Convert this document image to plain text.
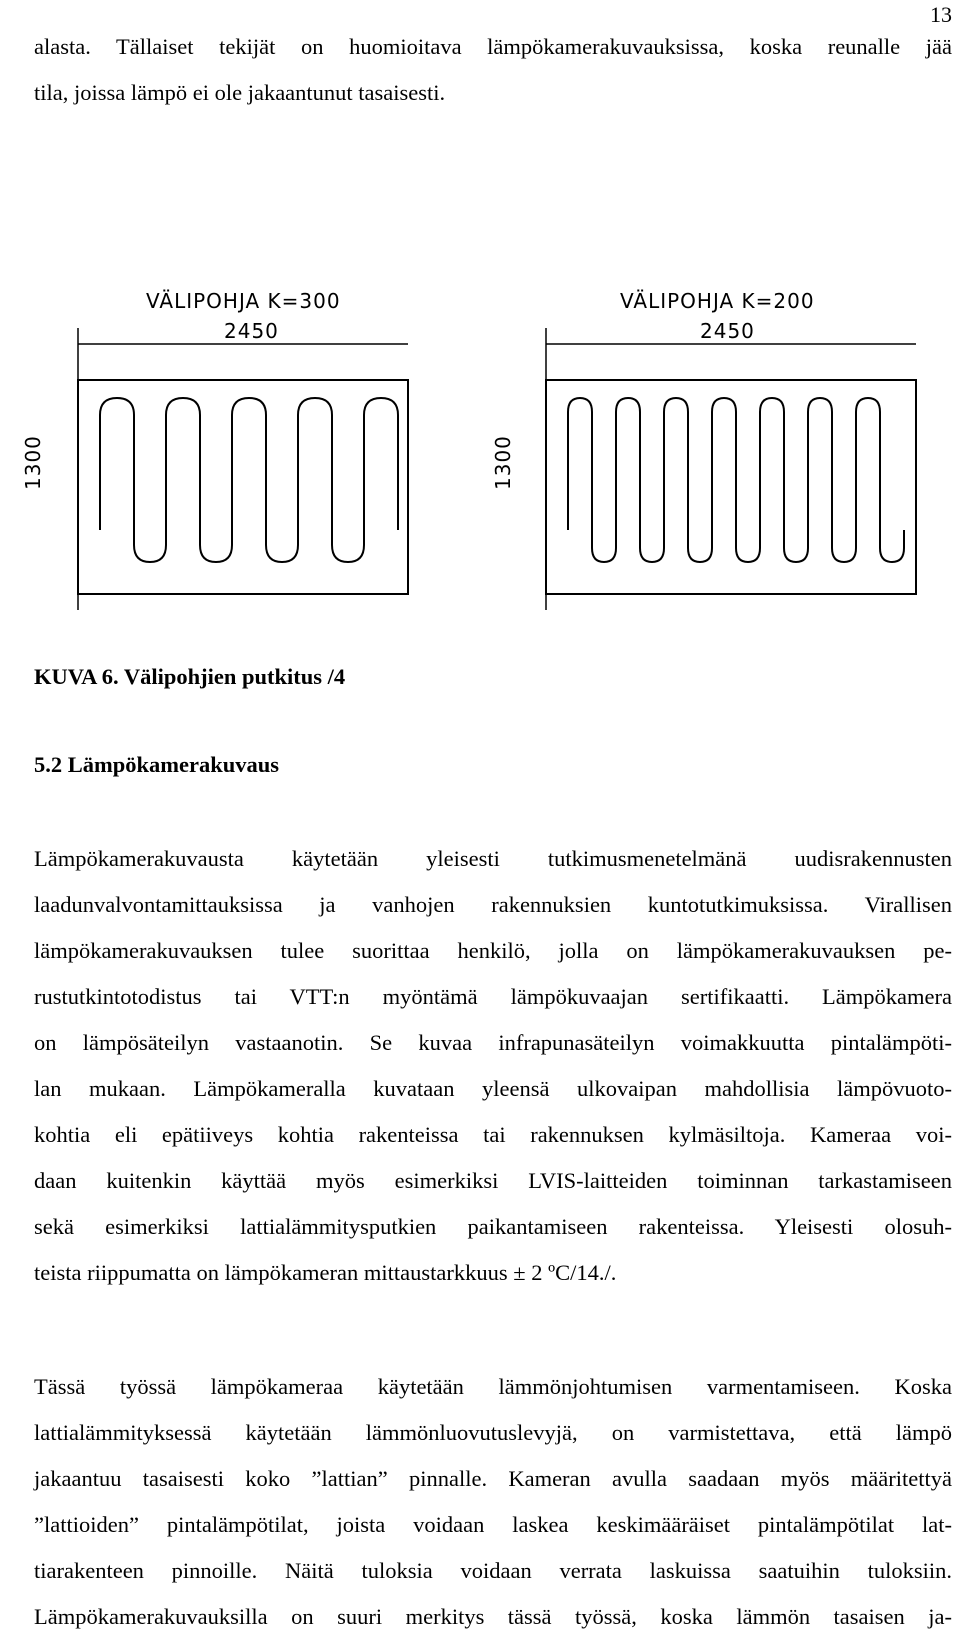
13
alasta. Tällaiset tekijät on huomioitava lämpökamerakuvauksissa, koska reunalle jää
tila, joissa lämpö ei ole jakaantunut tasaisesti.
VÄLIPOHJA K=300
2450
1300
VÄLIPOHJA K=200
2450
1300
KUVA 6. Välipohjien putkitus /4
5.2 Lämpökamerakuvaus
Lämpökamerakuvausta käytetään yleisesti tutkimusmenetelmänä uudisrakennusten
laadunvalvontamittauksissa ja vanhojen rakennuksien kuntotutkimuksissa. Virallisen
lämpökamerakuvauksen tulee suorittaa henkilö, jolla on lämpökamerakuvauksen pe-
rustutkintotodistus tai VTT:n myöntämä lämpökuvaajan sertifikaatti. Lämpökamera
on lämpösäteilyn vastaanotin. Se kuvaa infrapunasäteilyn voimakkuutta pintalämpöti-
lan mukaan. Lämpökameralla kuvataan yleensä ulkovaipan mahdollisia lämpövuoto-
kohtia eli epätiiveys kohtia rakenteissa tai rakennuksen kylmäsiltoja. Kameraa voi-
daan kuitenkin käyttää myös esimerkiksi LVIS-laitteiden toiminnan tarkastamiseen
sekä esimerkiksi lattialämmitysputkien paikantamiseen rakenteissa. Yleisesti olosuh-
teista riippumatta on lämpökameran mittaustarkkuus ± 2 ºC/14./.
Tässä työssä lämpökameraa käytetään lämmönjohtumisen varmentamiseen. Koska
lattialämmityksessä käytetään lämmönluovutuslevyjä, on varmistettava, että lämpö
jakaantuu tasaisesti koko ”lattian” pinnalle. Kameran avulla saadaan myös määritettyä
”lattioiden” pintalämpötilat, joista voidaan laskea keskimääräiset pintalämpötilat lat-
tiarakenteen pinnoille. Näitä tuloksia voidaan verrata laskuissa saatuihin tuloksiin.
Lämpökamerakuvauksilla on suuri merkitys tässä työssä, koska lämmön tasaisen ja-
